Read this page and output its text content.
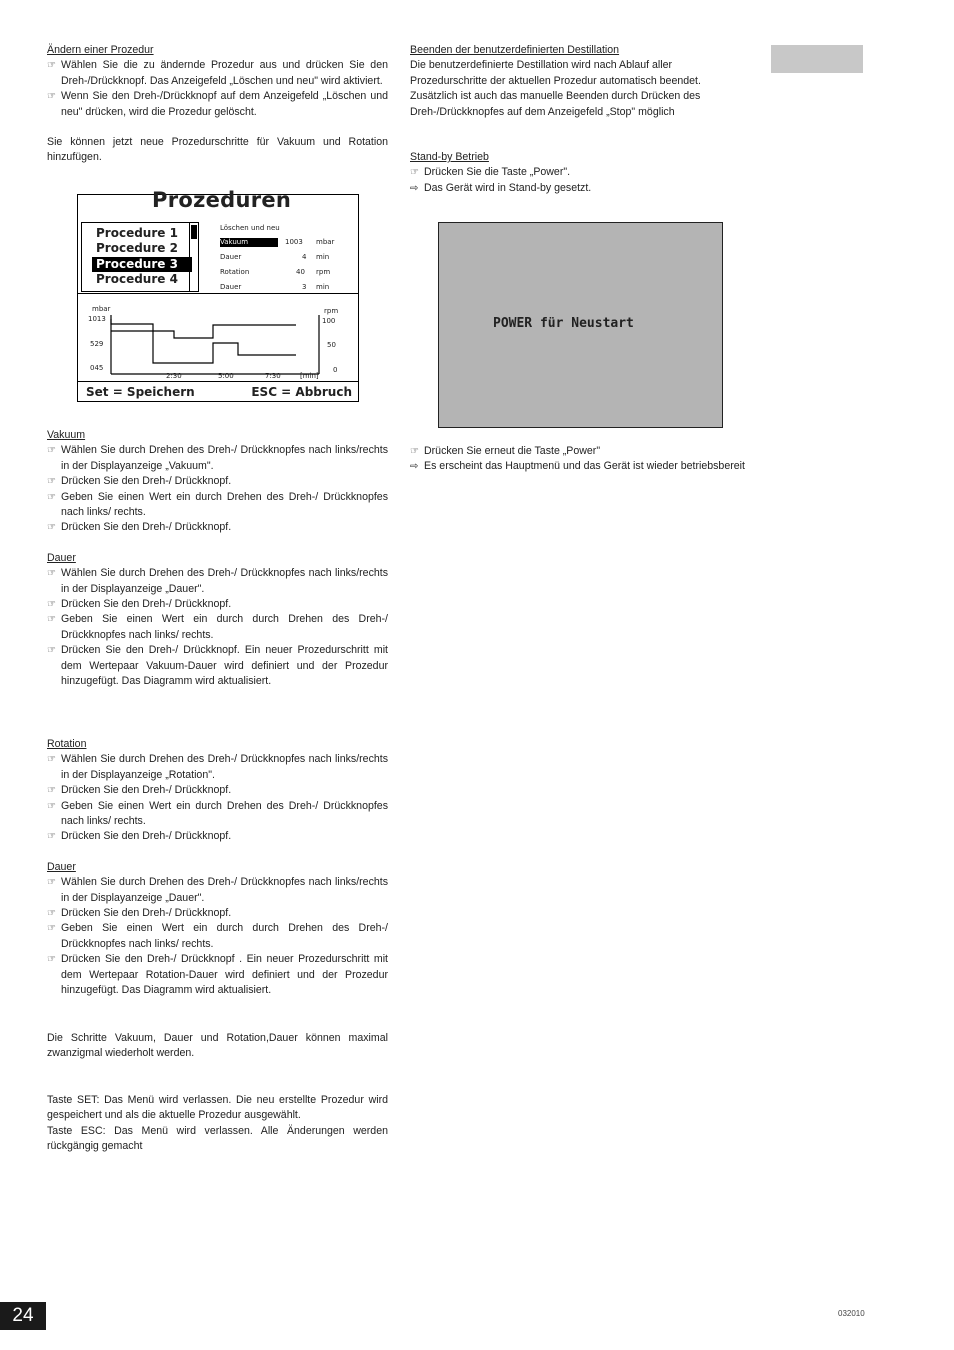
Ändern einer Prozedur

☞ Wählen Sie die zu ändernde Prozedur aus und drücken Sie den Dreh-/Drückknopf. Das Anzeigefeld „Löschen und neu" wird aktiviert.
☞ Wenn Sie den Dreh-/Drückknopf auf dem Anzeigefeld „Löschen und neu" drücken, wird die Prozedur gelöscht.

Sie können jetzt neue Prozedurschritte für Vakuum und Rotation hinzufügen.

Vakuum

☞ Wählen Sie durch Drehen des Dreh-/ Drückknopfes nach links/rechts in der Displayanzeige „Vakuum".
☞ Drücken Sie den Dreh-/ Drückknopf.
☞ Geben Sie einen Wert ein durch Drehen des Dreh-/ Drückknopfes nach links/ rechts.
☞ Drücken Sie den Dreh-/ Drückknopf.

Dauer

☞ Wählen Sie durch Drehen des Dreh-/ Drückknopfes nach links/rechts in der Displayanzeige „Dauer".
☞ Drücken Sie den Dreh-/ Drückknopf.
☞ Geben Sie einen Wert ein durch durch Drehen des Dreh-/ Drückknopfes nach links/ rechts.
☞ Drücken Sie den Dreh-/ Drückknopf. Ein neuer Prozedurschritt mit dem Wertepaar Vakuum-Dauer wird definiert und der Prozedur hinzugefügt. Das Diagramm wird aktualisiert.

Rotation

☞ Wählen Sie durch Drehen des Dreh-/ Drückknopfes nach links/rechts in der Displayanzeige „Rotation".
☞ Drücken Sie den Dreh-/ Drückknopf.
☞ Geben Sie einen Wert ein durch Drehen des Dreh-/ Drückknopfes nach links/ rechts.
☞ Drücken Sie den Dreh-/ Drückknopf.

Dauer

☞ Wählen Sie durch Drehen des Dreh-/ Drückknopfes nach links/rechts in der Displayanzeige „Dauer".
☞ Drücken Sie den Dreh-/ Drückknopf.
☞ Geben Sie einen Wert ein durch durch Drehen des Dreh-/ Drückknopfes nach links/ rechts.
☞ Drücken Sie den Dreh-/ Drückknopf . Ein neuer Prozedurschritt mit dem Wertepaar Rotation-Dauer wird definiert und der Prozedur hinzugefügt. Das Diagramm wird aktualisiert.

Die Schritte Vakuum, Dauer und Rotation,Dauer können maximal zwanzigmal wiederholt werden.

Taste SET: Das Menü wird verlassen. Die neu erstellte Prozedur wird gespeichert und als die aktuelle Prozedur ausgewählt.

Taste ESC: Das Menü wird verlassen. Alle Änderungen werden rückgängig gemacht

Prozeduren
Procedure 1
Procedure 2
Procedure 3
Procedure 4
Löschen und neu
Vakuum	1003 mbar
Dauer	4 min
Rotation	40 rpm
Dauer	3 min
mbar
1013
529
045
rpm
100
50
0
2:30	5:00	7:30	[min]
Set = Speichern	ESC = Abbruch

Beenden der benutzerdefinierten Destillation

Die benutzerdefinierte Destillation wird nach Ablauf aller Prozedurschritte der aktuellen Prozedur automatisch beendet. Zusätzlich ist auch das manuelle Beenden durch Drücken des Dreh-/Drückknopfes auf dem Anzeigefeld „Stop" möglich

Stand-by Betrieb

☞ Drücken Sie die Taste „Power".
⇨ Das Gerät wird in Stand-by gesetzt.
POWER für Neustart
☞ Drücken Sie erneut die Taste „Power"
⇨ Es erscheint das Hauptmenü und das Gerät ist wieder betriebsbereit
24	032010
